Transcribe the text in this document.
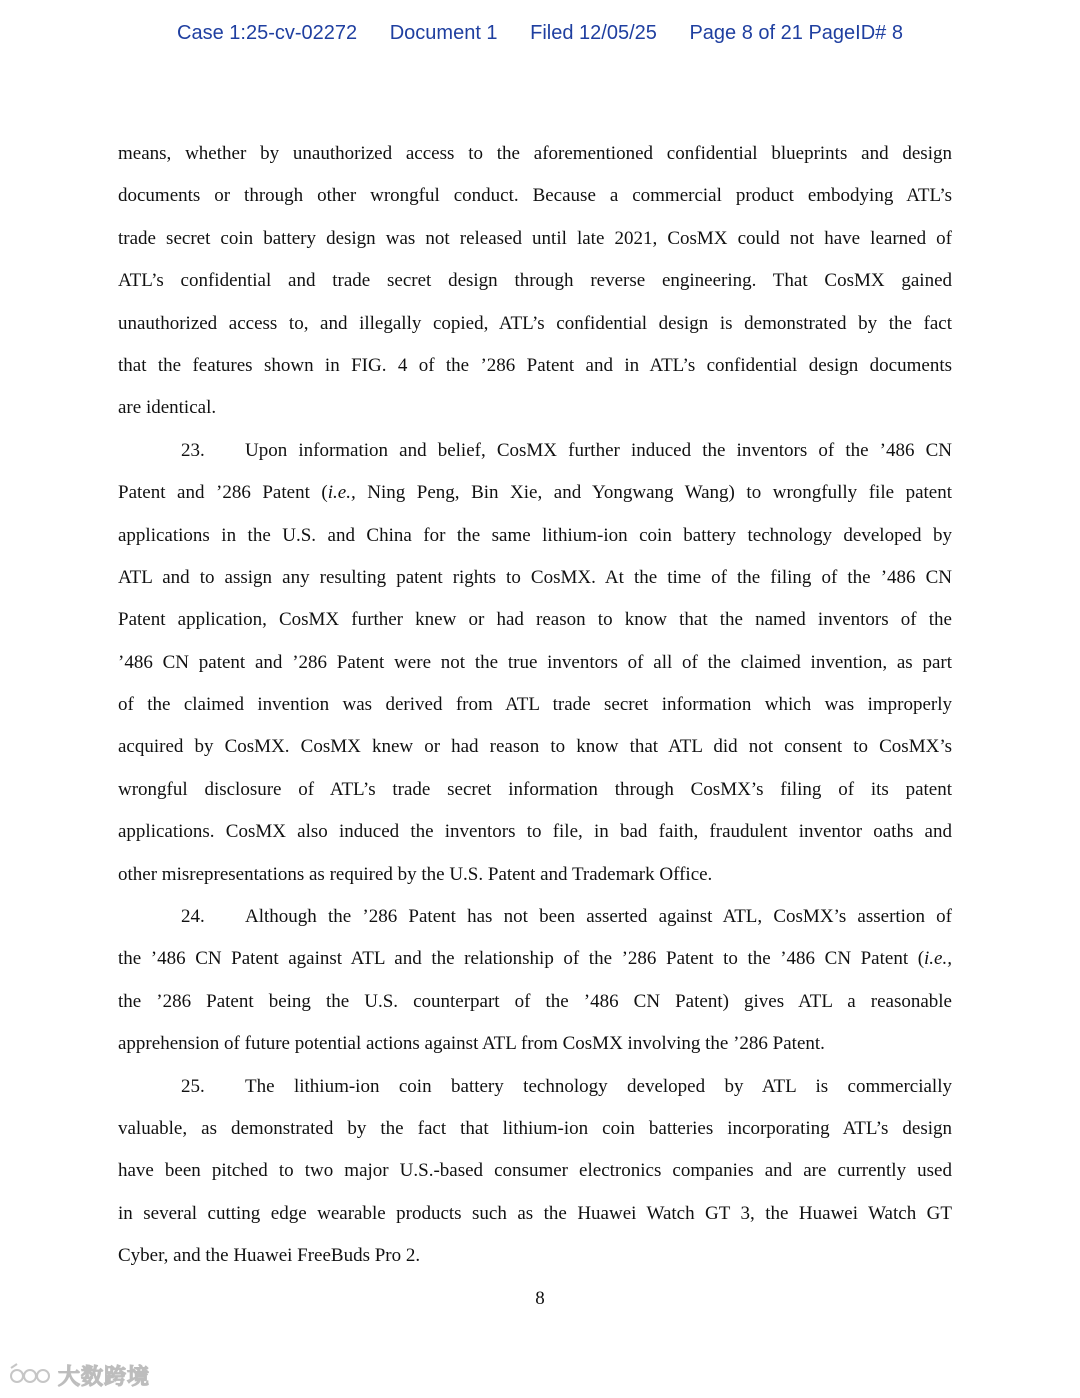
Case 1:25-cv-02272 Document 1 Filed 12/05/25 Page 8 of 21 PageID# 8
means, whether by unauthorized access to the aforementioned confidential blueprints and design
documents or through other wrongful conduct. Because a commercial product embodying ATL’s
trade secret coin battery design was not released until late 2021, CosMX could not have learned of
ATL’s confidential and trade secret design through reverse engineering. That CosMX gained
unauthorized access to, and illegally copied, ATL’s confidential design is demonstrated by the fact
that the features shown in FIG. 4 of the ’286 Patent and in ATL’s confidential design documents
are identical.
23. Upon information and belief, CosMX further induced the inventors of the ’486 CN
Patent and ’286 Patent (i.e., Ning Peng, Bin Xie, and Yongwang Wang) to wrongfully file patent
applications in the U.S. and China for the same lithium-ion coin battery technology developed by
ATL and to assign any resulting patent rights to CosMX. At the time of the filing of the ’486 CN
Patent application, CosMX further knew or had reason to know that the named inventors of the
’486 CN patent and ’286 Patent were not the true inventors of all of the claimed invention, as part
of the claimed invention was derived from ATL trade secret information which was improperly
acquired by CosMX. CosMX knew or had reason to know that ATL did not consent to CosMX’s
wrongful disclosure of ATL’s trade secret information through CosMX’s filing of its patent
applications. CosMX also induced the inventors to file, in bad faith, fraudulent inventor oaths and
other misrepresentations as required by the U.S. Patent and Trademark Office.
24. Although the ’286 Patent has not been asserted against ATL, CosMX’s assertion of
the ’486 CN Patent against ATL and the relationship of the ’286 Patent to the ’486 CN Patent (i.e.,
the ’286 Patent being the U.S. counterpart of the ’486 CN Patent) gives ATL a reasonable
apprehension of future potential actions against ATL from CosMX involving the ’286 Patent.
25. The lithium-ion coin battery technology developed by ATL is commercially
valuable, as demonstrated by the fact that lithium-ion coin batteries incorporating ATL’s design
have been pitched to two major U.S.-based consumer electronics companies and are currently used
in several cutting edge wearable products such as the Huawei Watch GT 3, the Huawei Watch GT
Cyber, and the Huawei FreeBuds Pro 2.
8
大数跨境
